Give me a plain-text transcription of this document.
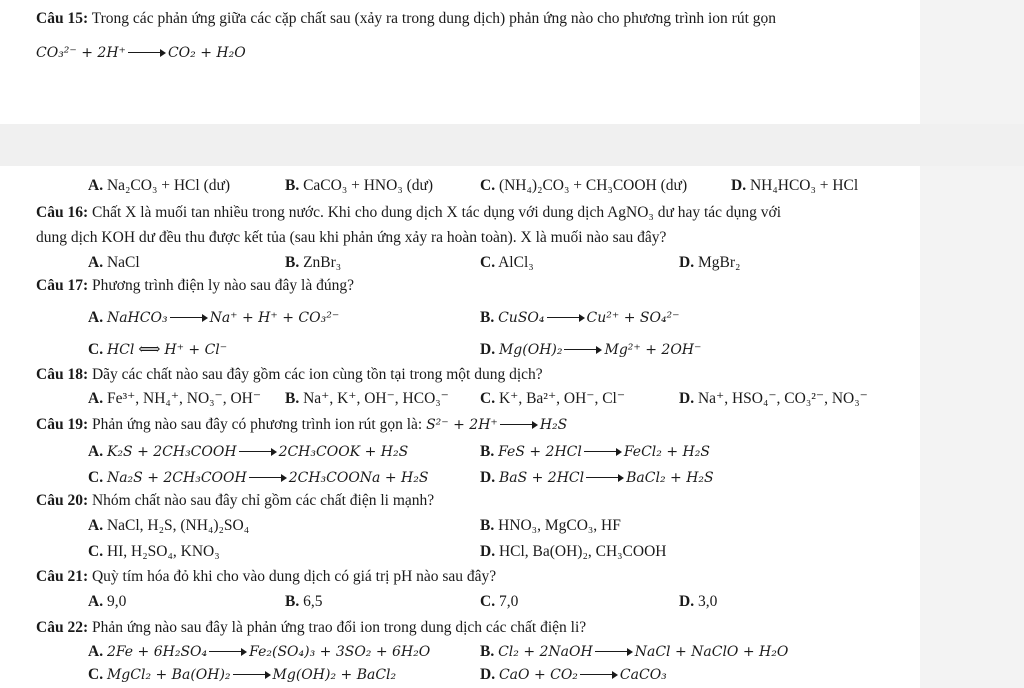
Câu 15: Trong các phản ứng giữa các cặp chất sau (xảy ra trong dung dịch) phản ứng nào cho phương trình ion rút gọn
CO₃²⁻ + 2H⁺	CO₂ + H₂O
A. Na₂CO₃ + HCl (dư)	B. CaCO₃ + HNO₃ (dư)	C. (NH₄)₂CO₃ + CH₃COOH (dư)	D. NH₄HCO₃ + HCl
Câu 16: Chất X là muối tan nhiều trong nước. Khi cho dung dịch X tác dụng với dung dịch AgNO₃ dư hay tác dụng với
dung dịch KOH dư đều thu được kết tủa (sau khi phản ứng xảy ra hoàn toàn). X là muối nào sau đây?
A. NaCl	B. ZnBr₃	C. AlCl₃	D. MgBr₂
Câu 17: Phương trình điện ly nào sau đây là đúng?
A. NaHCO₃	Na⁺ + H⁺ + CO₃²⁻	B. CuSO₄	Cu²⁺ + SO₄²⁻
C. HCl ⟺ H⁺ + Cl⁻	D. Mg(OH)₂	Mg²⁺ + 2OH⁻
Câu 18: Dãy các chất nào sau đây gồm các ion cùng tồn tại trong một dung dịch?
A. Fe³⁺, NH₄⁺, NO₃⁻, OH⁻ B. Na⁺, K⁺, OH⁻, HCO₃⁻ C. K⁺, Ba²⁺, OH⁻, Cl⁻	D. Na⁺, HSO₄⁻, CO₃²⁻, NO₃⁻
Câu 19: Phản ứng nào sau đây có phương trình ion rút gọn là: S²⁻ + 2H⁺	H₂S
A. K₂S + 2CH₃COOH	2CH₃COOK + H₂S	B. FeS + 2HCl	FeCl₂ + H₂S
C. Na₂S + 2CH₃COOH	2CH₃COONa + H₂S	D. BaS + 2HCl	BaCl₂ + H₂S
Câu 20: Nhóm chất nào sau đây chỉ gồm các chất điện li mạnh?
A. NaCl, H₂S, (NH₄)₂SO₄	B. HNO₃, MgCO₃, HF
C. HI, H₂SO₄, KNO₃	D. HCl, Ba(OH)₂, CH₃COOH
Câu 21: Quỳ tím hóa đỏ khi cho vào dung dịch có giá trị pH nào sau đây?
A. 9,0	B. 6,5	C. 7,0	D. 3,0
Câu 22: Phản ứng nào sau đây là phản ứng trao đổi ion trong dung dịch các chất điện li?
A. 2Fe + 6H₂SO₄	Fe₂(SO₄)₃ + 3SO₂ + 6H₂O	B. Cl₂ + 2NaOH	NaCl + NaClO + H₂O
C. MgCl₂ + Ba(OH)₂	Mg(OH)₂ + BaCl₂	D. CaO + CO₂	CaCO₃
